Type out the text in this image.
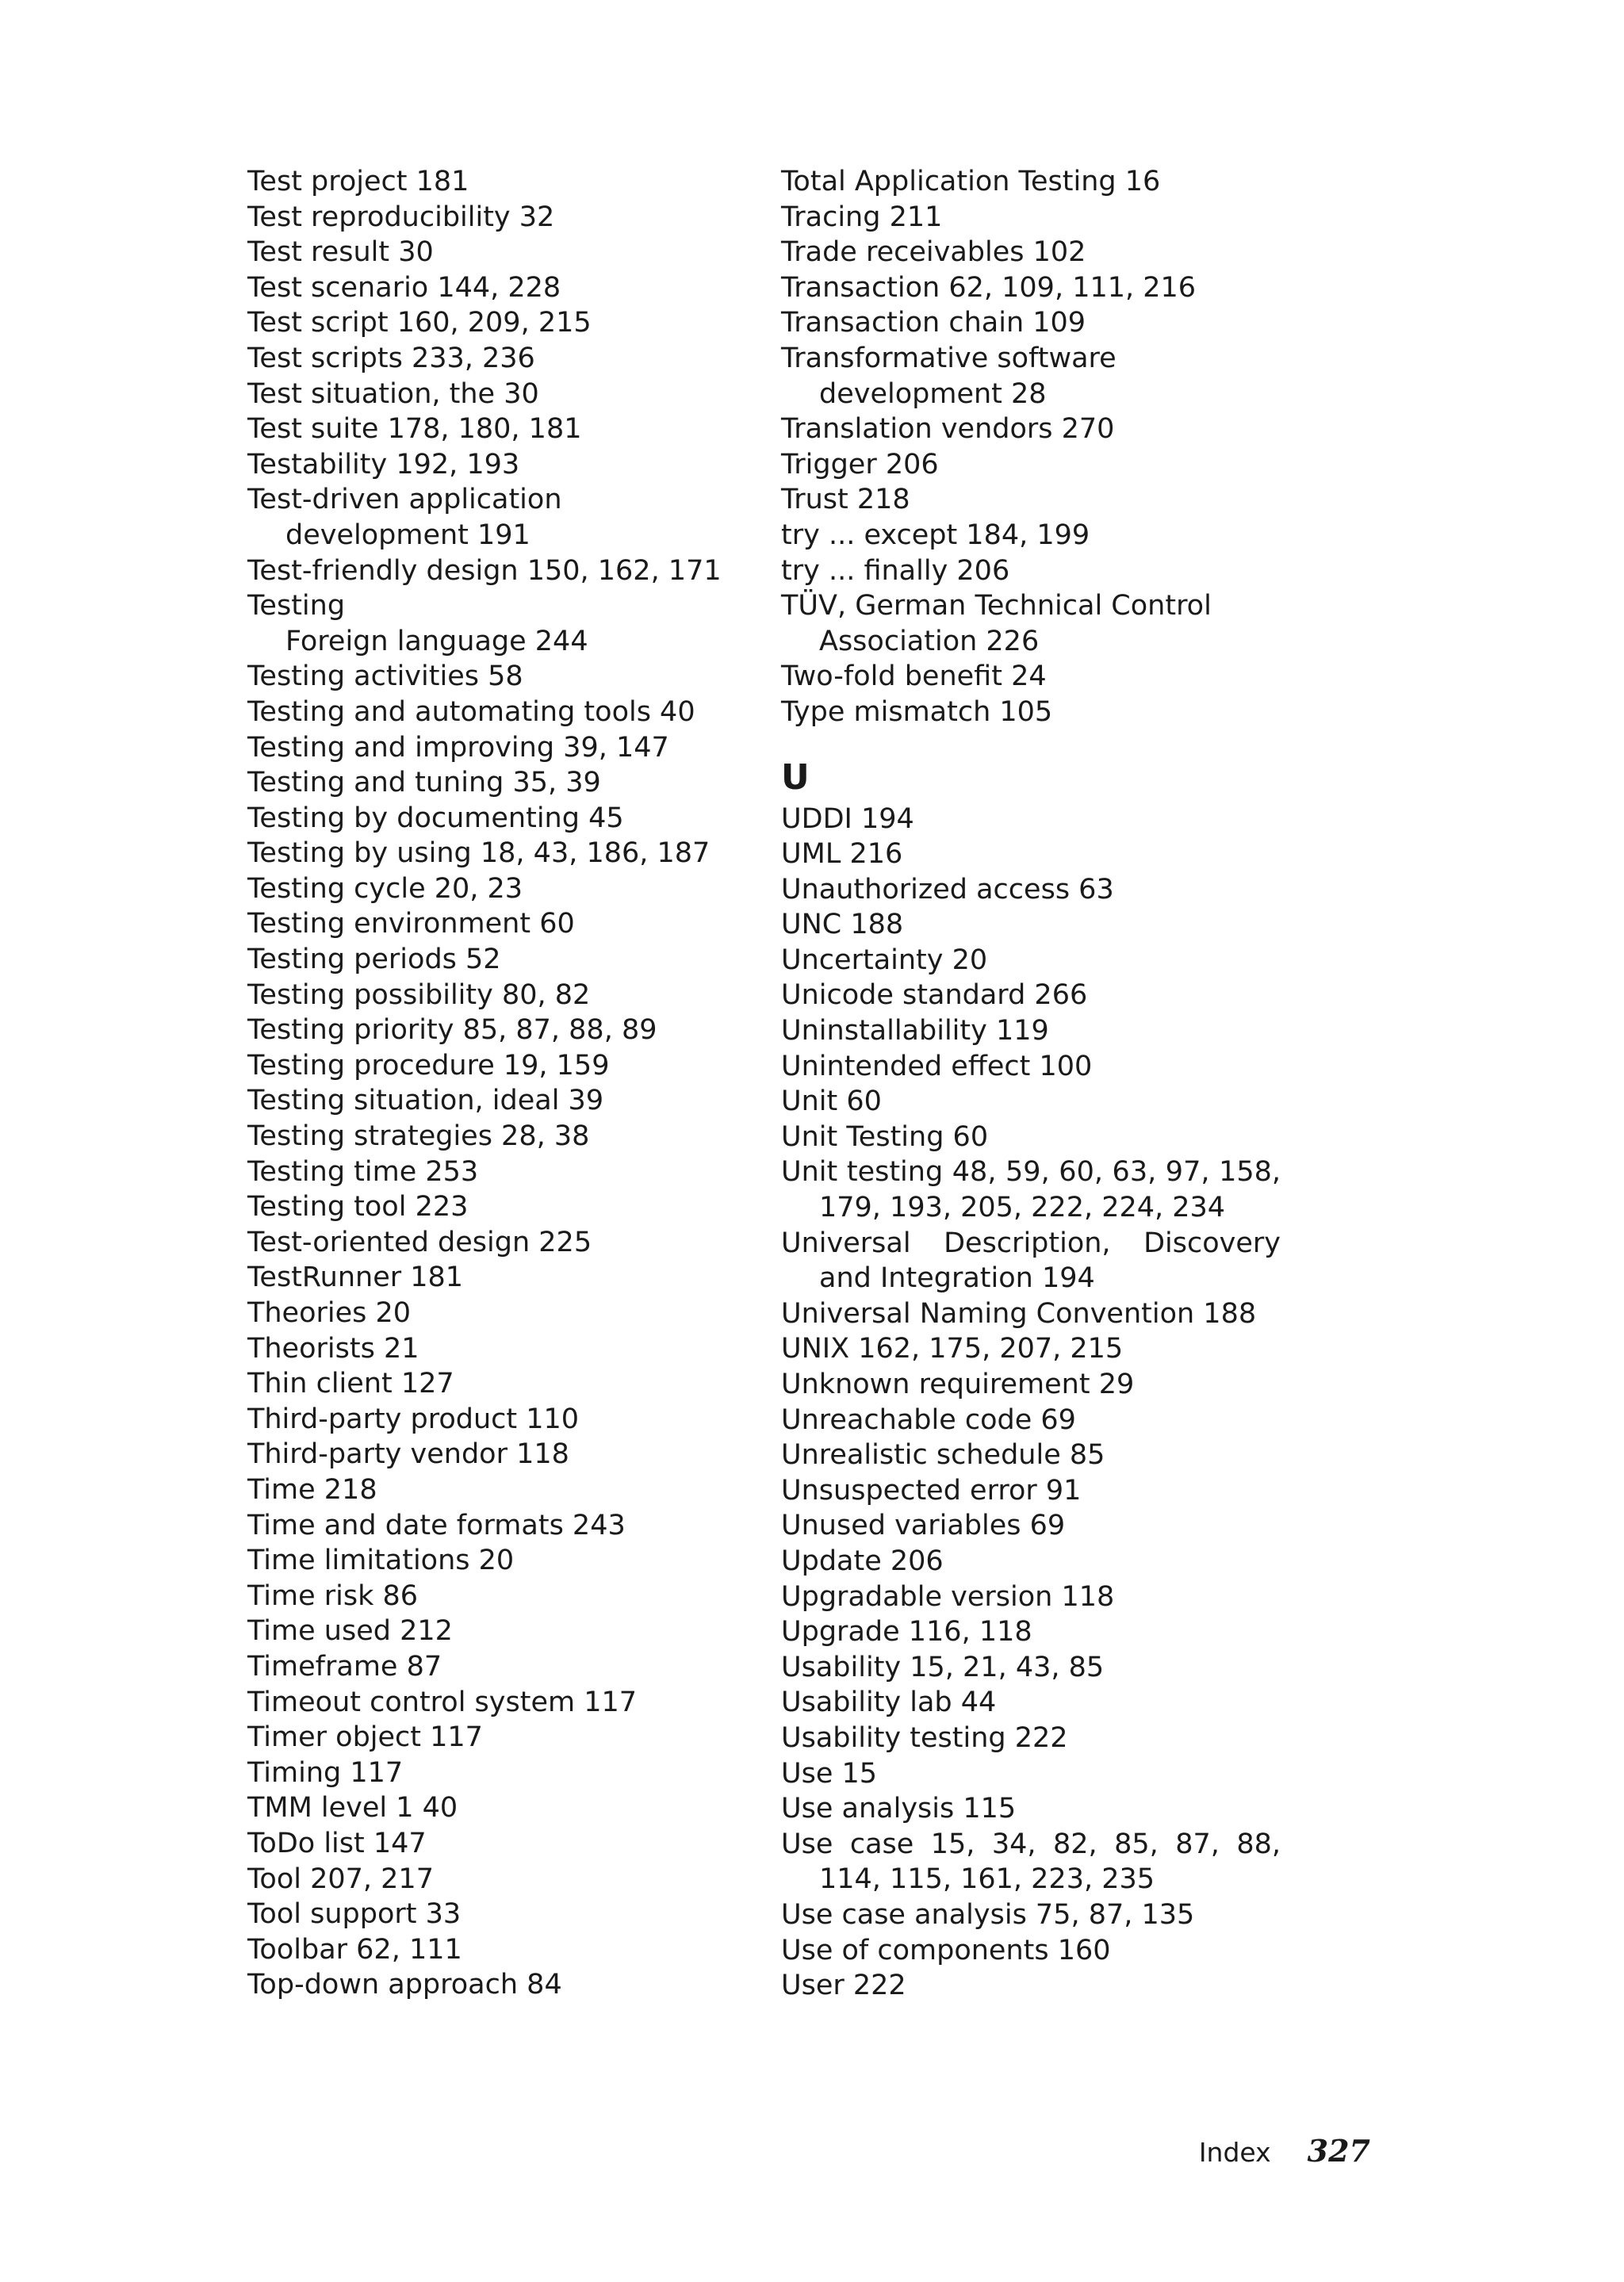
Test project 181
Test reproducibility 32
Test result 30
Test scenario 144, 228
Test script 160, 209, 215
Test scripts 233, 236
Test situation, the 30
Test suite 178, 180, 181
Testability 192, 193
Test-driven application development 191
Test-friendly design 150, 162, 171
Testing
Foreign language 244
Testing activities 58
Testing and automating tools 40
Testing and improving 39, 147
Testing and tuning 35, 39
Testing by documenting 45
Testing by using 18, 43, 186, 187
Testing cycle 20, 23
Testing environment 60
Testing periods 52
Testing possibility 80, 82
Testing priority 85, 87, 88, 89
Testing procedure 19, 159
Testing situation, ideal 39
Testing strategies 28, 38
Testing time 253
Testing tool 223
Test-oriented design 225
TestRunner 181
Theories 20
Theorists 21
Thin client 127
Third-party product 110
Third-party vendor 118
Time 218
Time and date formats 243
Time limitations 20
Time risk 86
Time used 212
Timeframe 87
Timeout control system 117
Timer object 117
Timing 117
TMM level 1 40
ToDo list 147
Tool 207, 217
Tool support 33
Toolbar 62, 111
Top-down approach 84
Total Application Testing 16
Tracing 211
Trade receivables 102
Transaction 62, 109, 111, 216
Transaction chain 109
Transformative software development 28
Translation vendors 270
Trigger 206
Trust 218
try ... except 184, 199
try ... finally 206
TÜV, German Technical Control Association 226
Two-fold benefit 24
Type mismatch 105
U
UDDI 194
UML 216
Unauthorized access 63
UNC 188
Uncertainty 20
Unicode standard 266
Uninstallability 119
Unintended effect 100
Unit 60
Unit Testing 60
Unit testing 48, 59, 60, 63, 97, 158, 179, 193, 205, 222, 224, 234
Universal Description, Discovery and Integration 194
Universal Naming Convention 188
UNIX 162, 175, 207, 215
Unknown requirement 29
Unreachable code 69
Unrealistic schedule 85
Unsuspected error 91
Unused variables 69
Update 206
Upgradable version 118
Upgrade 116, 118
Usability 15, 21, 43, 85
Usability lab 44
Usability testing 222
Use 15
Use analysis 115
Use case 15, 34, 82, 85, 87, 88, 114, 115, 161, 223, 235
Use case analysis 75, 87, 135
Use of components 160
User 222
Index 327
